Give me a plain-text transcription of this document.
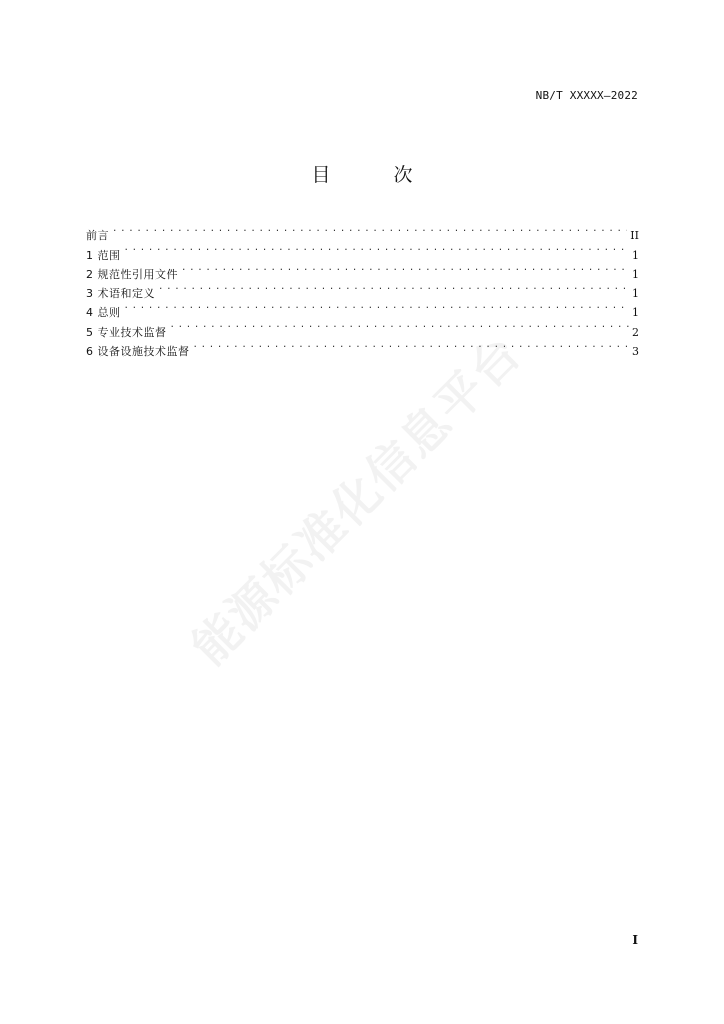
NB/T XXXXX—2022
目　次
前言 . . .	II
1 范围 . . .	1
2 规范性引用文件 . . .	1
3 术语和定义 . . .	1
4 总则 . . .	1
5 专业技术监督 . . .	2
6 设备设施技术监督 . . .	3
能源标准化信息平台
I
